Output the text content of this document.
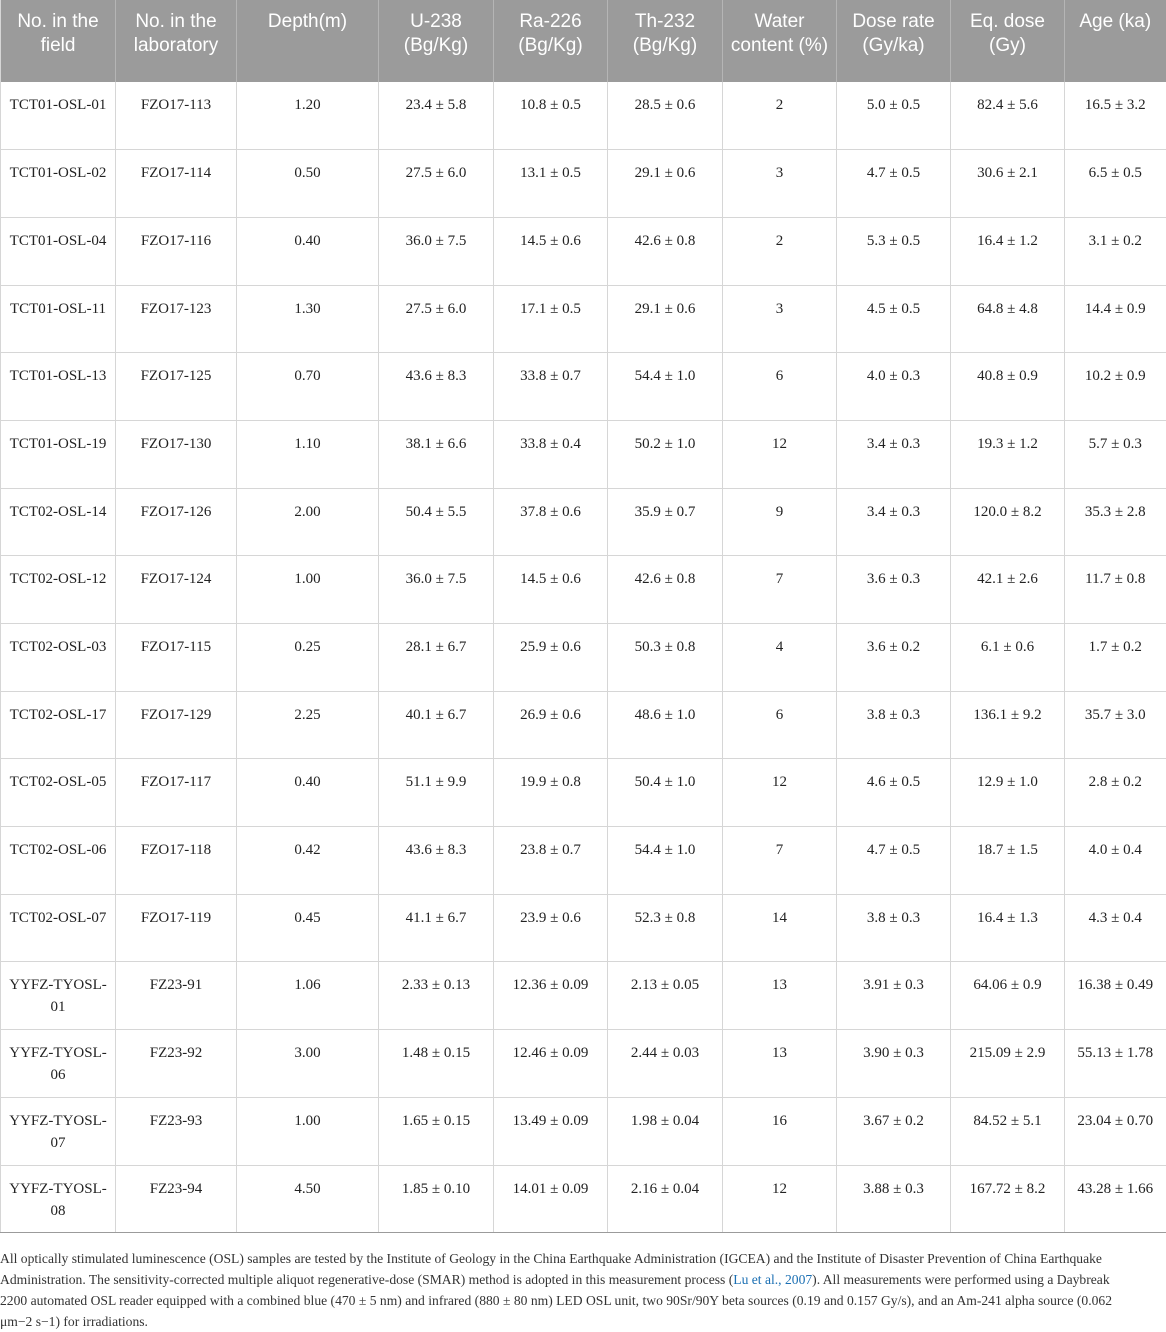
No. in the field	No. in the laboratory	Depth(m)	U-238 (Bg/Kg)	Ra-226 (Bg/Kg)	Th-232 (Bg/Kg)	Water content (%)	Dose rate (Gy/ka)	Eq. dose (Gy)	Age (ka)
TCT01-OSL-01	FZO17-113	1.20	23.4 ± 5.8	10.8 ± 0.5	28.5 ± 0.6	2	5.0 ± 0.5	82.4 ± 5.6	16.5 ± 3.2
TCT01-OSL-02	FZO17-114	0.50	27.5 ± 6.0	13.1 ± 0.5	29.1 ± 0.6	3	4.7 ± 0.5	30.6 ± 2.1	6.5 ± 0.5
TCT01-OSL-04	FZO17-116	0.40	36.0 ± 7.5	14.5 ± 0.6	42.6 ± 0.8	2	5.3 ± 0.5	16.4 ± 1.2	3.1 ± 0.2
TCT01-OSL-11	FZO17-123	1.30	27.5 ± 6.0	17.1 ± 0.5	29.1 ± 0.6	3	4.5 ± 0.5	64.8 ± 4.8	14.4 ± 0.9
TCT01-OSL-13	FZO17-125	0.70	43.6 ± 8.3	33.8 ± 0.7	54.4 ± 1.0	6	4.0 ± 0.3	40.8 ± 0.9	10.2 ± 0.9
TCT01-OSL-19	FZO17-130	1.10	38.1 ± 6.6	33.8 ± 0.4	50.2 ± 1.0	12	3.4 ± 0.3	19.3 ± 1.2	5.7 ± 0.3
TCT02-OSL-14	FZO17-126	2.00	50.4 ± 5.5	37.8 ± 0.6	35.9 ± 0.7	9	3.4 ± 0.3	120.0 ± 8.2	35.3 ± 2.8
TCT02-OSL-12	FZO17-124	1.00	36.0 ± 7.5	14.5 ± 0.6	42.6 ± 0.8	7	3.6 ± 0.3	42.1 ± 2.6	11.7 ± 0.8
TCT02-OSL-03	FZO17-115	0.25	28.1 ± 6.7	25.9 ± 0.6	50.3 ± 0.8	4	3.6 ± 0.2	6.1 ± 0.6	1.7 ± 0.2
TCT02-OSL-17	FZO17-129	2.25	40.1 ± 6.7	26.9 ± 0.6	48.6 ± 1.0	6	3.8 ± 0.3	136.1 ± 9.2	35.7 ± 3.0
TCT02-OSL-05	FZO17-117	0.40	51.1 ± 9.9	19.9 ± 0.8	50.4 ± 1.0	12	4.6 ± 0.5	12.9 ± 1.0	2.8 ± 0.2
TCT02-OSL-06	FZO17-118	0.42	43.6 ± 8.3	23.8 ± 0.7	54.4 ± 1.0	7	4.7 ± 0.5	18.7 ± 1.5	4.0 ± 0.4
TCT02-OSL-07	FZO17-119	0.45	41.1 ± 6.7	23.9 ± 0.6	52.3 ± 0.8	14	3.8 ± 0.3	16.4 ± 1.3	4.3 ± 0.4
YYFZ-TYOSL-01	FZ23-91	1.06	2.33 ± 0.13	12.36 ± 0.09	2.13 ± 0.05	13	3.91 ± 0.3	64.06 ± 0.9	16.38 ± 0.49
YYFZ-TYOSL-06	FZ23-92	3.00	1.48 ± 0.15	12.46 ± 0.09	2.44 ± 0.03	13	3.90 ± 0.3	215.09 ± 2.9	55.13 ± 1.78
YYFZ-TYOSL-07	FZ23-93	1.00	1.65 ± 0.15	13.49 ± 0.09	1.98 ± 0.04	16	3.67 ± 0.2	84.52 ± 5.1	23.04 ± 0.70
YYFZ-TYOSL-08	FZ23-94	4.50	1.85 ± 0.10	14.01 ± 0.09	2.16 ± 0.04	12	3.88 ± 0.3	167.72 ± 8.2	43.28 ± 1.66
All optically stimulated luminescence (OSL) samples are tested by the Institute of Geology in the China Earthquake Administration (IGCEA) and the Institute of Disaster Prevention of China Earthquake Administration. The sensitivity-corrected multiple aliquot regenerative-dose (SMAR) method is adopted in this measurement process (Lu et al., 2007). All measurements were performed using a Daybreak 2200 automated OSL reader equipped with a combined blue (470 ± 5 nm) and infrared (880 ± 80 nm) LED OSL unit, two 90Sr/90Y beta sources (0.19 and 0.157 Gy/s), and an Am-241 alpha source (0.062 μm−2 s−1) for irradiations.
